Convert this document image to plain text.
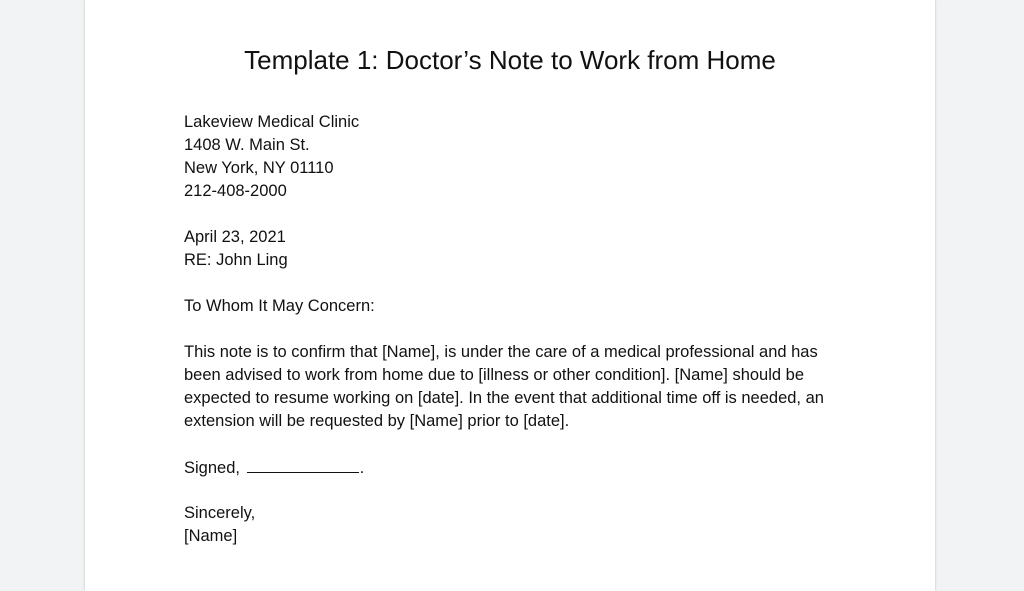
Template 1: Doctor’s Note to Work from Home
Lakeview Medical Clinic
1408 W. Main St.
New York, NY 01110
212-408-2000
April 23, 2021
RE: John Ling
To Whom It May Concern:
This note is to confirm that [Name], is under the care of a medical professional and has
been advised to work from home due to [illness or other condition]. [Name] should be
expected to resume working on [date]. In the event that additional time off is needed, an
extension will be requested by [Name] prior to [date].
Signed,	.
Sincerely,
[Name]
